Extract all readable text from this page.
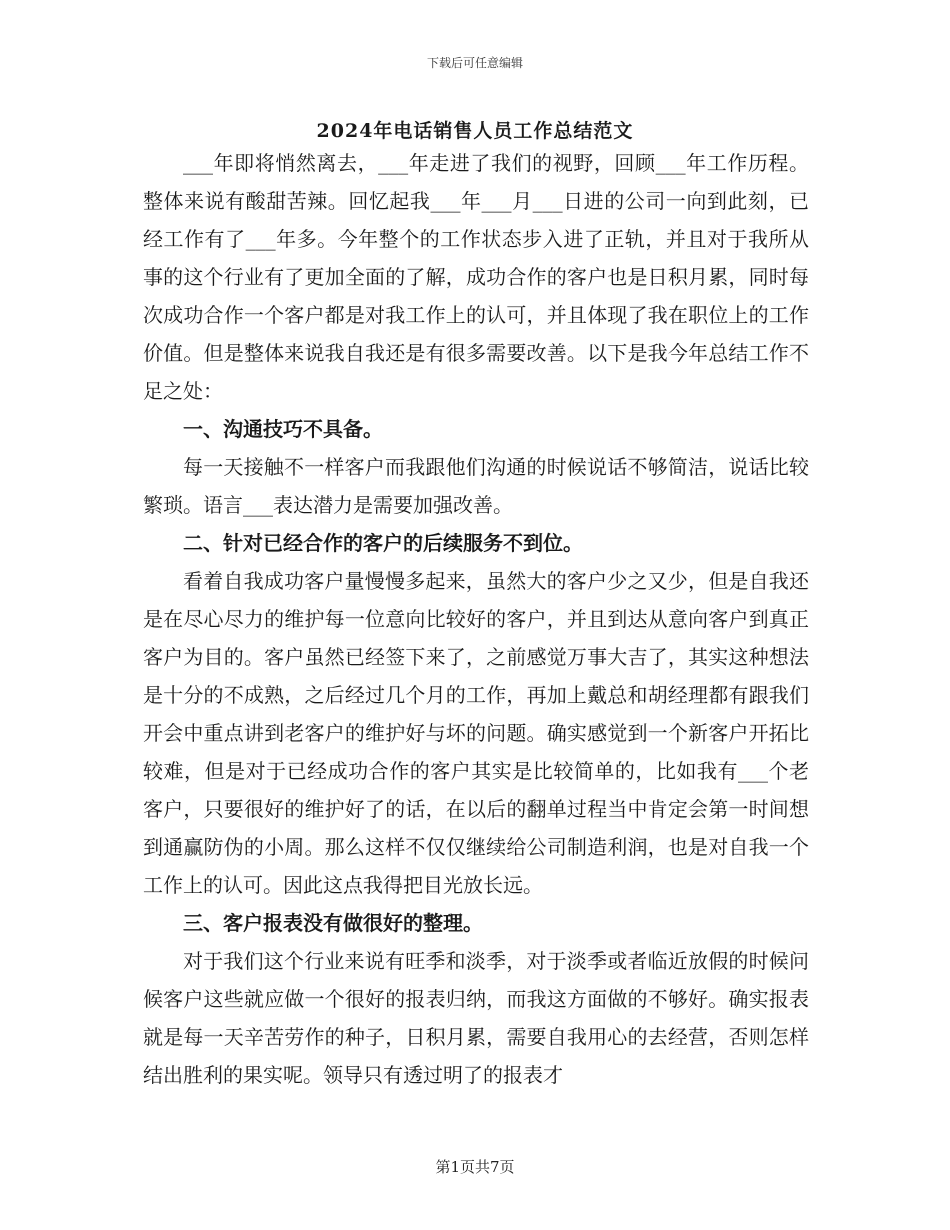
下载后可任意编辑
2024年电话销售人员工作总结范文

___年即将悄然离去，___年走进了我们的视野，回顾___年工作历程。整体来说有酸甜苦辣。回忆起我___年___月___日进的公司一向到此刻，已经工作有了___年多。今年整个的工作状态步入进了正轨，并且对于我所从事的这个行业有了更加全面的了解，成功合作的客户也是日积月累，同时每次成功合作一个客户都是对我工作上的认可，并且体现了我在职位上的工作价值。但是整体来说我自我还是有很多需要改善。以下是我今年总结工作不足之处：

一、沟通技巧不具备。

每一天接触不一样客户而我跟他们沟通的时候说话不够简洁，说话比较繁琐。语言___表达潜力是需要加强改善。

二、针对已经合作的客户的后续服务不到位。

看着自我成功客户量慢慢多起来，虽然大的客户少之又少，但是自我还是在尽心尽力的维护每一位意向比较好的客户，并且到达从意向客户到真正客户为目的。客户虽然已经签下来了，之前感觉万事大吉了，其实这种想法是十分的不成熟，之后经过几个月的工作，再加上戴总和胡经理都有跟我们开会中重点讲到老客户的维护好与坏的问题。确实感觉到一个新客户开拓比较难，但是对于已经成功合作的客户其实是比较简单的，比如我有___个老客户，只要很好的维护好了的话，在以后的翻单过程当中肯定会第一时间想到通赢防伪的小周。那么这样不仅仅继续给公司制造利润，也是对自我一个工作上的认可。因此这点我得把目光放长远。

三、客户报表没有做很好的整理。

对于我们这个行业来说有旺季和淡季，对于淡季或者临近放假的时候问候客户这些就应做一个很好的报表归纳，而我这方面做的不够好。确实报表就是每一天辛苦劳作的种子，日积月累，需要自我用心的去经营，否则怎样结出胜利的果实呢。领导只有透过明了的报表才

第1页共7页
